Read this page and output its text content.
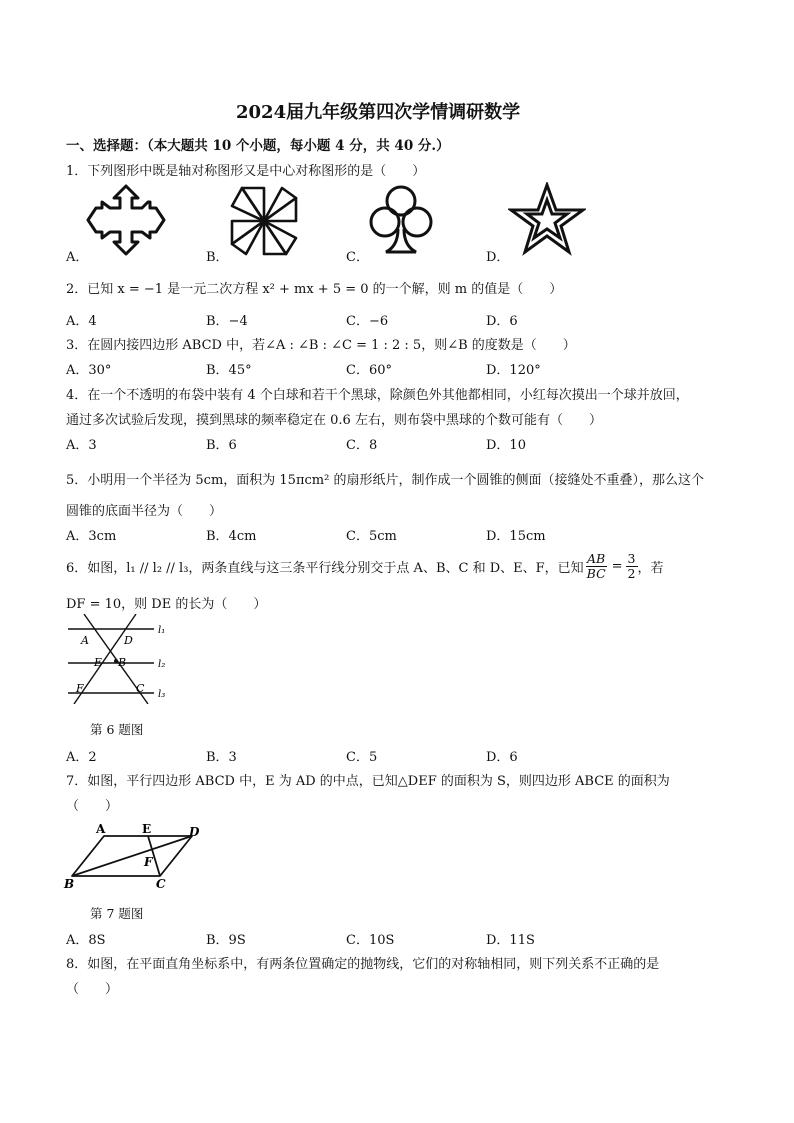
2024届九年级第四次学情调研数学
一、选择题：（本大题共 10 个小题，每小题 4 分，共 40 分.）
1．下列图形中既是轴对称图形又是中心对称图形的是（　　）
A．	B．	C．	D．
2．已知 x = −1 是一元二次方程 x² + mx + 5 = 0 的一个解，则 m 的值是（　　）
A．4	B．−4	C．−6	D．6
3．在圆内接四边形 ABCD 中，若∠A : ∠B : ∠C = 1 : 2 : 5，则∠B 的度数是（　　）
A．30°	B．45°	C．60°	D．120°
4．在一个不透明的布袋中装有 4 个白球和若干个黑球，除颜色外其他都相同，小红每次摸出一个球并放回，
通过多次试验后发现，摸到黑球的频率稳定在 0.6 左右，则布袋中黑球的个数可能有（　　）
A．3	B．6	C．8	D．10
5．小明用一个半径为 5cm，面积为 15πcm² 的扇形纸片，制作成一个圆锥的侧面（接缝处不重叠），那么这个
圆锥的底面半径为（　　）
A．3cm	B．4cm	C．5cm	D．15cm
6．如图，l₁ // l₂ // l₃，两条直线与这三条平行线分别交于点 A、B、C 和 D、E、F，已知 $\frac{AB}{BC} = \frac{3}{2}$ ，若
DF = 10，则 DE 的长为（　　）
A	D
E B
F	C
l₁
l₂
l₃
第 6 题图
A．2	B．3	C．5	D．6
7．如图，平行四边形 ABCD 中，E 为 AD 的中点，已知△DEF 的面积为 S，则四边形 ABCE 的面积为
（　　）
A	E	D
F
B	C
第 7 题图
A．8S	B．9S	C．10S	D．11S
8．如图，在平面直角坐标系中，有两条位置确定的抛物线，它们的对称轴相同，则下列关系不正确的是
（　　）
